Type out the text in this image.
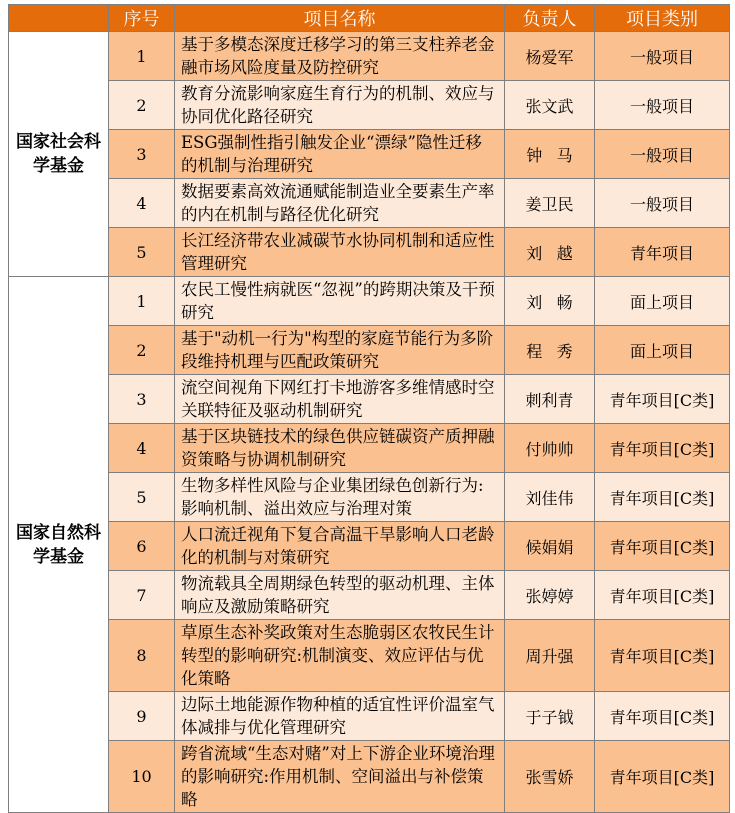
	序号	项目名称	负责人	项目类别
国家社会科学基金	1	基于多模态深度迁移学习的第三支柱养老金融市场风险度量及防控研究	杨爱军	一般项目
	2	教育分流影响家庭生育行为的机制、效应与协同优化路径研究	张文武	一般项目
	3	ESG强制性指引触发企业“漂绿”隐性迁移的机制与治理研究	钟马	一般项目
	4	数据要素高效流通赋能制造业全要素生产率的内在机制与路径优化研究	姜卫民	一般项目
	5	长江经济带农业减碳节水协同机制和适应性管理研究	刘越	青年项目
国家自然科学基金	1	农民工慢性病就医“忽视”的跨期决策及干预研究	刘畅	面上项目
	2	基于"动机一行为"构型的家庭节能行为多阶段维持机理与匹配政策研究	程秀	面上项目
	3	流空间视角下网红打卡地游客多维情感时空关联特征及驱动机制研究	刺利青	青年项目[C类]
	4	基于区块链技术的绿色供应链碳资产质押融资策略与协调机制研究	付帅帅	青年项目[C类]
	5	生物多样性风险与企业集团绿色创新行为:影响机制、溢出效应与治理对策	刘佳伟	青年项目[C类]
	6	人口流迁视角下复合高温干旱影响人口老龄化的机制与对策研究	候娟娟	青年项目[C类]
	7	物流载具全周期绿色转型的驱动机理、主体响应及激励策略研究	张婷婷	青年项目[C类]
	8	草原生态补奖政策对生态脆弱区农牧民生计转型的影响研究:机制演变、效应评估与优化策略	周升强	青年项目[C类]
	9	边际土地能源作物种植的适宜性评价温室气体减排与优化管理研究	于子钺	青年项目[C类]
	10	跨省流域“生态对赌”对上下游企业环境治理的影响研究:作用机制、空间溢出与补偿策略	张雪娇	青年项目[C类]
